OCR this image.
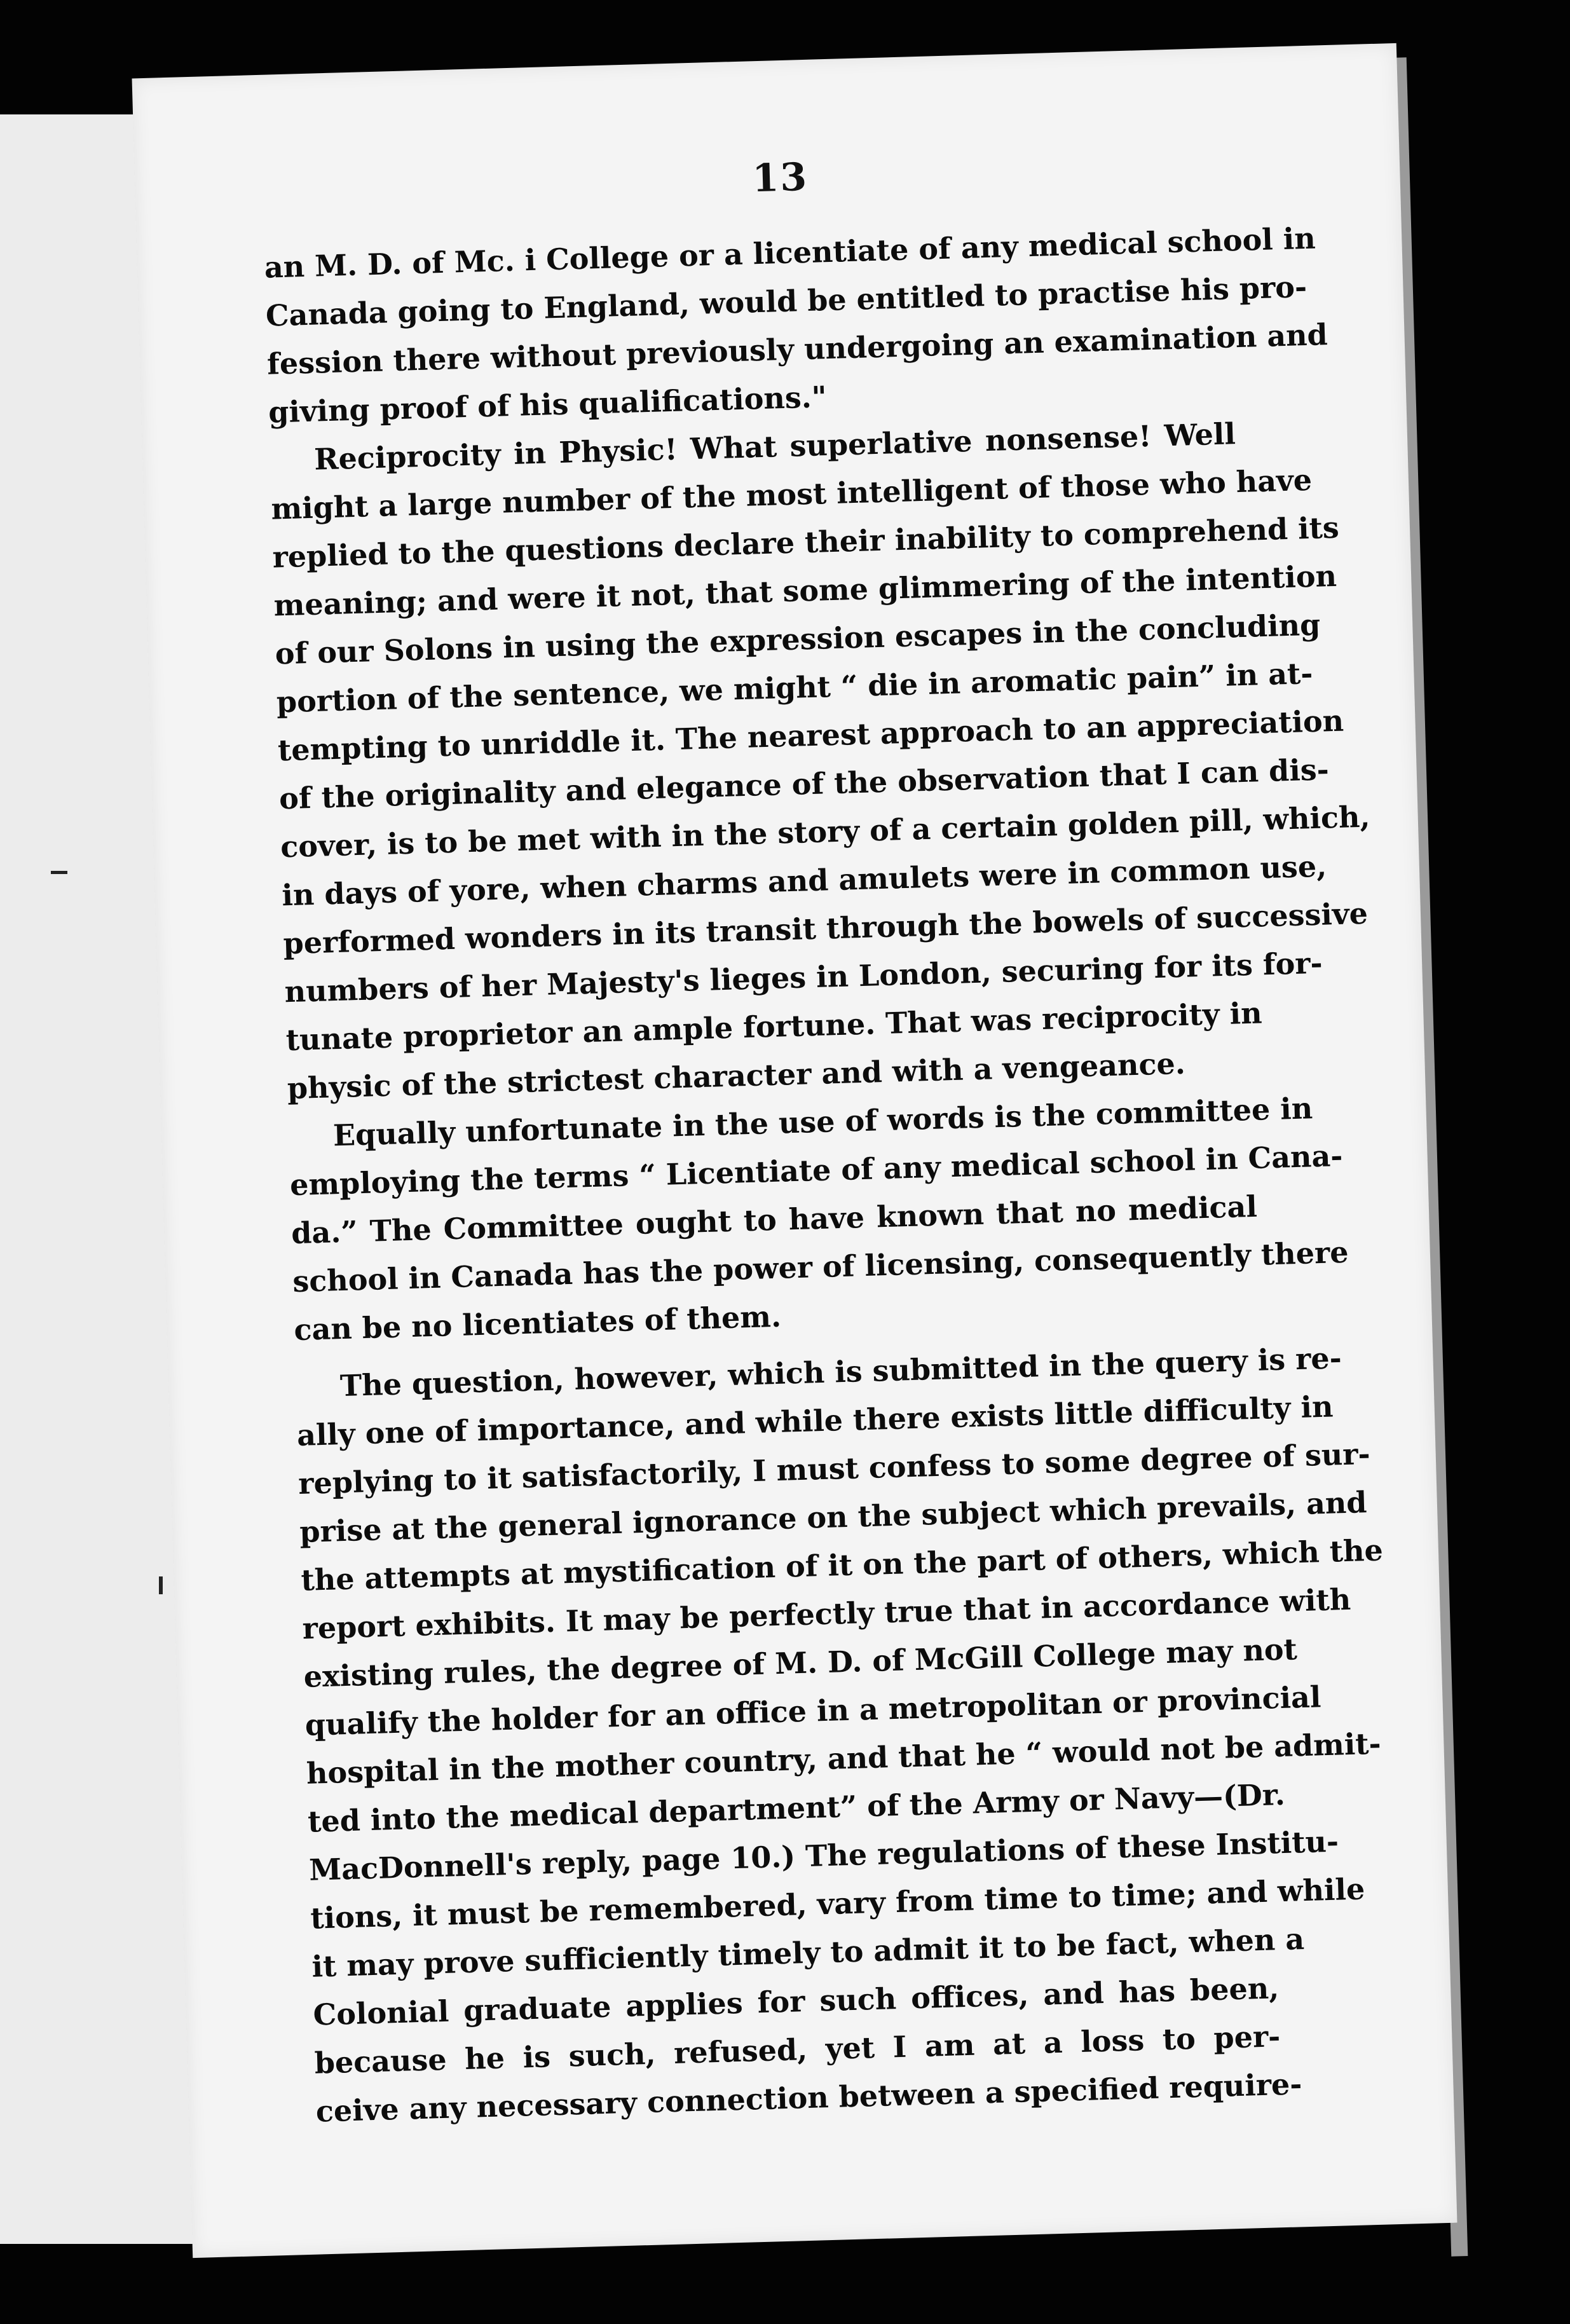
13
an M. D. of Mc. i College or a licentiate of any medical school in
Canada going to England, would be entitled to practise his pro-
fession there without previously undergoing an examination and
giving proof of his qualifications."
Reciprocity in Physic! What superlative nonsense! Well
might a large number of the most intelligent of those who have
replied to the questions declare their inability to comprehend its
meaning; and were it not, that some glimmering of the intention
of our Solons in using the expression escapes in the concluding
portion of the sentence, we might “ die in aromatic pain” in at-
tempting to unriddle it. The nearest approach to an appreciation
of the originality and elegance of the observation that I can dis-
cover, is to be met with in the story of a certain golden pill, which,
in days of yore, when charms and amulets were in common use,
performed wonders in its transit through the bowels of successive
numbers of her Majesty's lieges in London, securing for its for-
tunate proprietor an ample fortune. That was reciprocity in
physic of the strictest character and with a vengeance.
Equally unfortunate in the use of words is the committee in
employing the terms “ Licentiate of any medical school in Cana-
da.” The Committee ought to have known that no medical
school in Canada has the power of licensing, consequently there
can be no licentiates of them.
The question, however, which is submitted in the query is re-
ally one of importance, and while there exists little difficulty in
replying to it satisfactorily, I must confess to some degree of sur-
prise at the general ignorance on the subject which prevails, and
the attempts at mystification of it on the part of others, which the
report exhibits. It may be perfectly true that in accordance with
existing rules, the degree of M. D. of McGill College may not
qualify the holder for an office in a metropolitan or provincial
hospital in the mother country, and that he “ would not be admit-
ted into the medical department” of the Army or Navy—(Dr.
MacDonnell's reply, page 10.) The regulations of these Institu-
tions, it must be remembered, vary from time to time; and while
it may prove sufficiently timely to admit it to be fact, when a
Colonial graduate applies for such offices, and has been,
because he is such, refused, yet I am at a loss to per-
ceive any necessary connection between a specified require-
